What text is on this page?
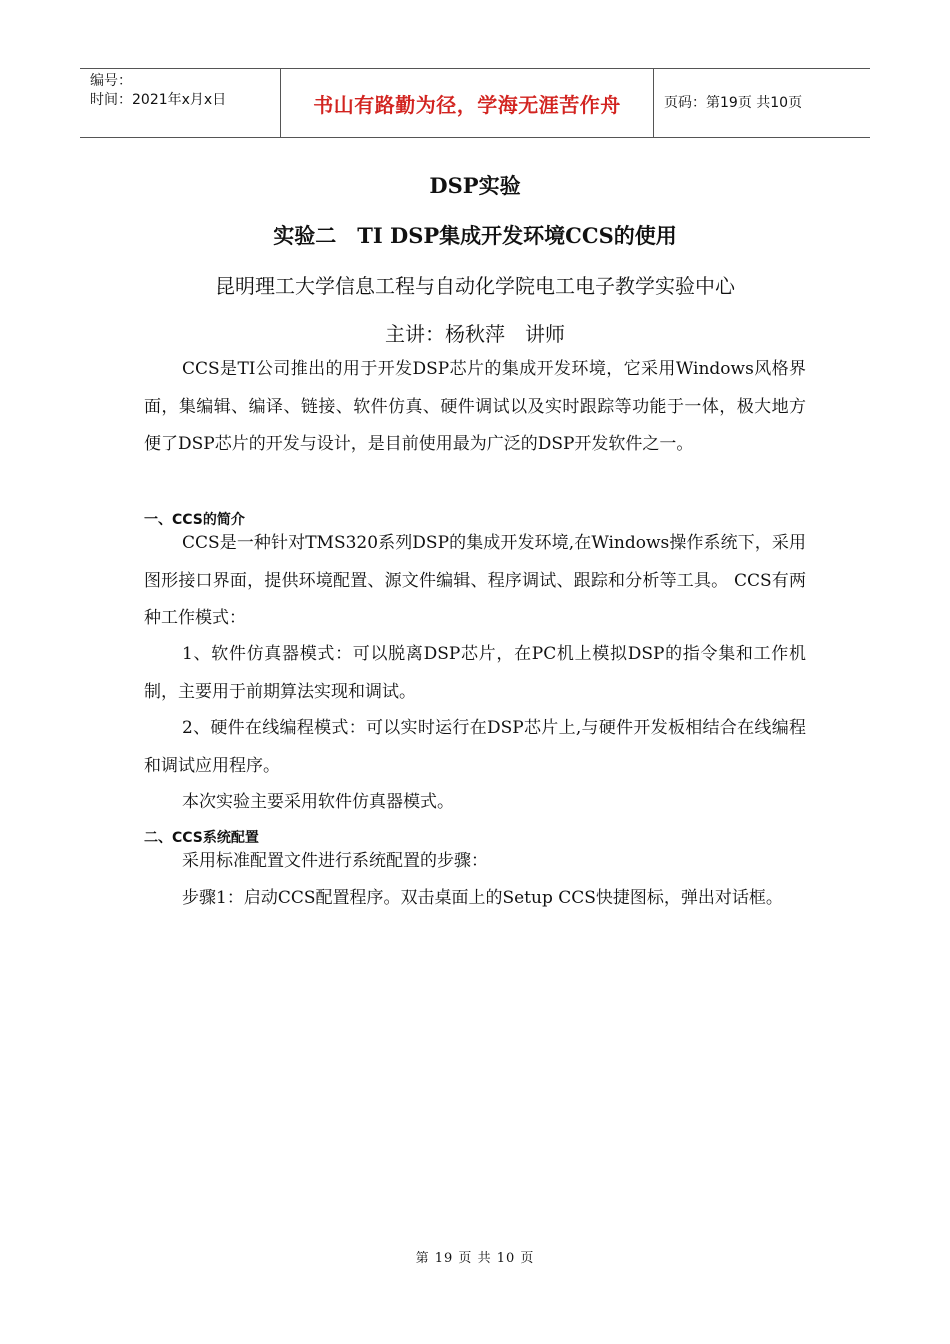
编号：
时间：2021年x月x日	书山有路勤为径，学海无涯苦作舟	页码：第19页 共10页
DSP实验
实验二　TI DSP集成开发环境CCS的使用
昆明理工大学信息工程与自动化学院电工电子教学实验中心
主讲：杨秋萍　讲师

CCS是TI公司推出的用于开发DSP芯片的集成开发环境，它采用Windows风格界面，集编辑、编译、链接、软件仿真、硬件调试以及实时跟踪等功能于一体，极大地方便了DSP芯片的开发与设计，是目前使用最为广泛的DSP开发软件之一。

一、CCS的简介

CCS是一种针对TMS320系列DSP的集成开发环境,在Windows操作系统下，采用图形接口界面，提供环境配置、源文件编辑、程序调试、跟踪和分析等工具。 CCS有两种工作模式：

1、软件仿真器模式：可以脱离DSP芯片，在PC机上模拟DSP的指令集和工作机制，主要用于前期算法实现和调试。

2、硬件在线编程模式：可以实时运行在DSP芯片上,与硬件开发板相结合在线编程和调试应用程序。

本次实验主要采用软件仿真器模式。

二、CCS系统配置

采用标准配置文件进行系统配置的步骤：

步骤1：启动CCS配置程序。双击桌面上的Setup CCS快捷图标，弹出对话框。

第 19 页 共 10 页
